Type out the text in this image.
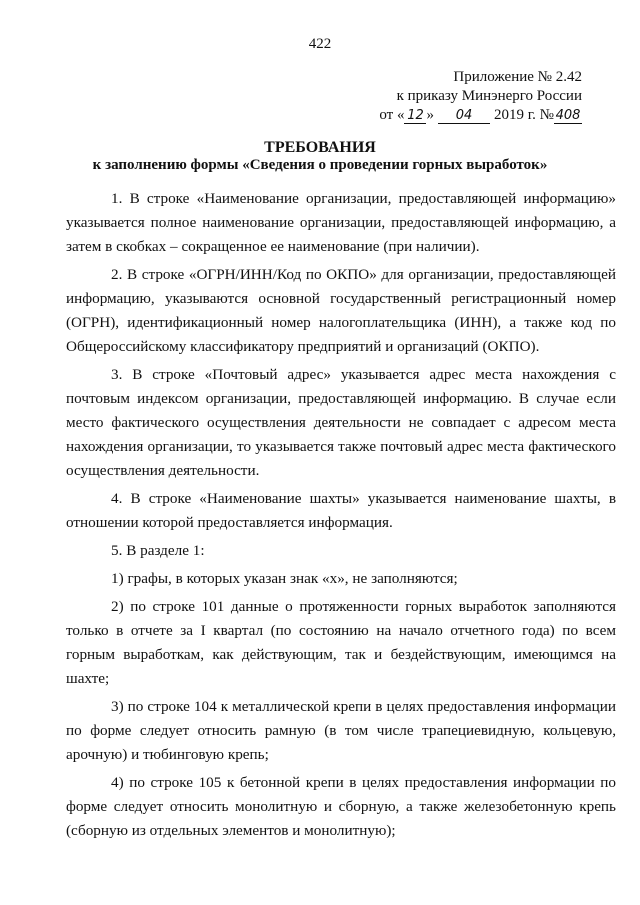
422
Приложение № 2.42
к приказу Минэнерго России
от « 12 » 04 2019 г. № 408
ТРЕБОВАНИЯ
к заполнению формы «Сведения о проведении горных выработок»

1. В строке «Наименование организации, предоставляющей информацию» указывается полное наименование организации, предоставляющей информацию, а затем в скобках – сокращенное ее наименование (при наличии).

2. В строке «ОГРН/ИНН/Код по ОКПО» для организации, предоставляющей информацию, указываются основной государственный регистрационный номер (ОГРН), идентификационный номер налогоплательщика (ИНН), а также код по Общероссийскому классификатору предприятий и организаций (ОКПО).

3. В строке «Почтовый адрес» указывается адрес места нахождения с почтовым индексом организации, предоставляющей информацию. В случае если место фактического осуществления деятельности не совпадает с адресом места нахождения организации, то указывается также почтовый адрес места фактического осуществления деятельности.

4. В строке «Наименование шахты» указывается наименование шахты, в отношении которой предоставляется информация.

5. В разделе 1:

1) графы, в которых указан знак «х», не заполняются;

2) по строке 101 данные о протяженности горных выработок заполняются только в отчете за I квартал (по состоянию на начало отчетного года) по всем горным выработкам, как действующим, так и бездействующим, имеющимся на шахте;

3) по строке 104 к металлической крепи в целях предоставления информации по форме следует относить рамную (в том числе трапециевидную, кольцевую, арочную) и тюбинговую крепь;

4) по строке 105 к бетонной крепи в целях предоставления информации по форме следует относить монолитную и сборную, а также железобетонную крепь (сборную из отдельных элементов и монолитную);
